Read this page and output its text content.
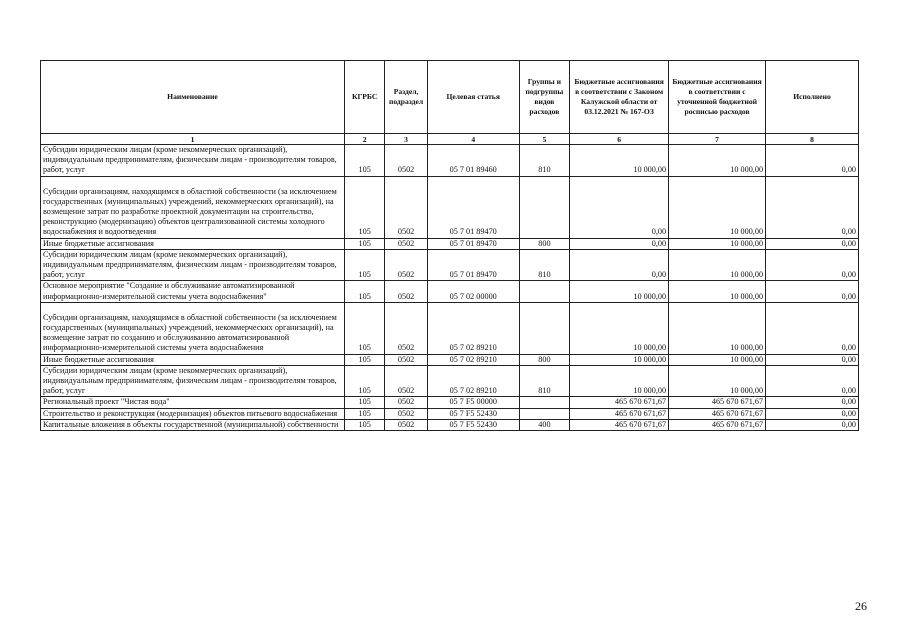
Наименование	КГРБС	Раздел, подраздел	Целевая статья	Группы и подгруппы видов расходов	Бюджетные ассигнования в соответствии с Законом Калужской области от 03.12.2021 № 167-ОЗ	Бюджетные ассигнования в соответствии с уточненной бюджетной росписью расходов	Исполнено
1	2	3	4	5	6	7	8
Субсидии юридическим лицам (кроме некоммерческих организаций), индивидуальным предпринимателям, физическим лицам - производителям товаров, работ, услуг	105	0502	05 7 01 89460	810	10 000,00	10 000,00	0,00
Субсидии организациям, находящимся в областной собственности (за исключением государственных (муниципальных) учреждений, некоммерческих организаций), на возмещение затрат по разработке проектной документации на строительство, реконструкцию (модернизацию) объектов централизованной системы холодного водоснабжения и водоотведения	105	0502	05 7 01 89470		0,00	10 000,00	0,00
Иные бюджетные ассигнования	105	0502	05 7 01 89470	800	0,00	10 000,00	0,00
Субсидии юридическим лицам (кроме некоммерческих организаций), индивидуальным предпринимателям, физическим лицам - производителям товаров, работ, услуг	105	0502	05 7 01 89470	810	0,00	10 000,00	0,00
Основное мероприятие "Создание и обслуживание автоматизированной информационно-измерительной системы учета водоснабжения"	105	0502	05 7 02 00000		10 000,00	10 000,00	0,00
Субсидии организациям, находящимся в областной собственности (за исключением государственных (муниципальных) учреждений, некоммерческих организаций), на возмещение затрат по созданию и обслуживанию автоматизированной информационно-измерительной системы учета водоснабжения	105	0502	05 7 02 89210		10 000,00	10 000,00	0,00
Иные бюджетные ассигнования	105	0502	05 7 02 89210	800	10 000,00	10 000,00	0,00
Субсидии юридическим лицам (кроме некоммерческих организаций), индивидуальным предпринимателям, физическим лицам - производителям товаров, работ, услуг	105	0502	05 7 02 89210	810	10 000,00	10 000,00	0,00
Региональный проект "Чистая вода"	105	0502	05 7 F5 00000		465 670 671,67	465 670 671,67	0,00
Строительство и реконструкция (модернизация) объектов питьевого водоснабжения	105	0502	05 7 F5 52430		465 670 671,67	465 670 671,67	0,00
Капитальные вложения в объекты государственной (муниципальной) собственности	105	0502	05 7 F5 52430	400	465 670 671,67	465 670 671,67	0,00
26
